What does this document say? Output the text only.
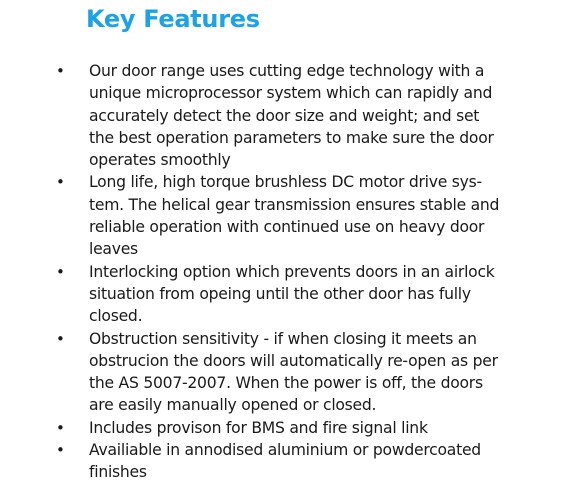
Key Features
• Our door range uses cutting edge technology with a
unique microprocessor system which can rapidly and
accurately detect the door size and weight; and set
the best operation parameters to make sure the door
operates smoothly
• Long life, high torque brushless DC motor drive sys-
tem. The helical gear transmission ensures stable and
reliable operation with continued use on heavy door
leaves
• Interlocking option which prevents doors in an airlock
situation from opeing until the other door has fully
closed.
• Obstruction sensitivity - if when closing it meets an
obstrucion the doors will automatically re-open as per
the AS 5007-2007. When the power is off, the doors
are easily manually opened or closed.
• Includes provison for BMS and fire signal link
• Availiable in annodised aluminium or powdercoated
finishes
